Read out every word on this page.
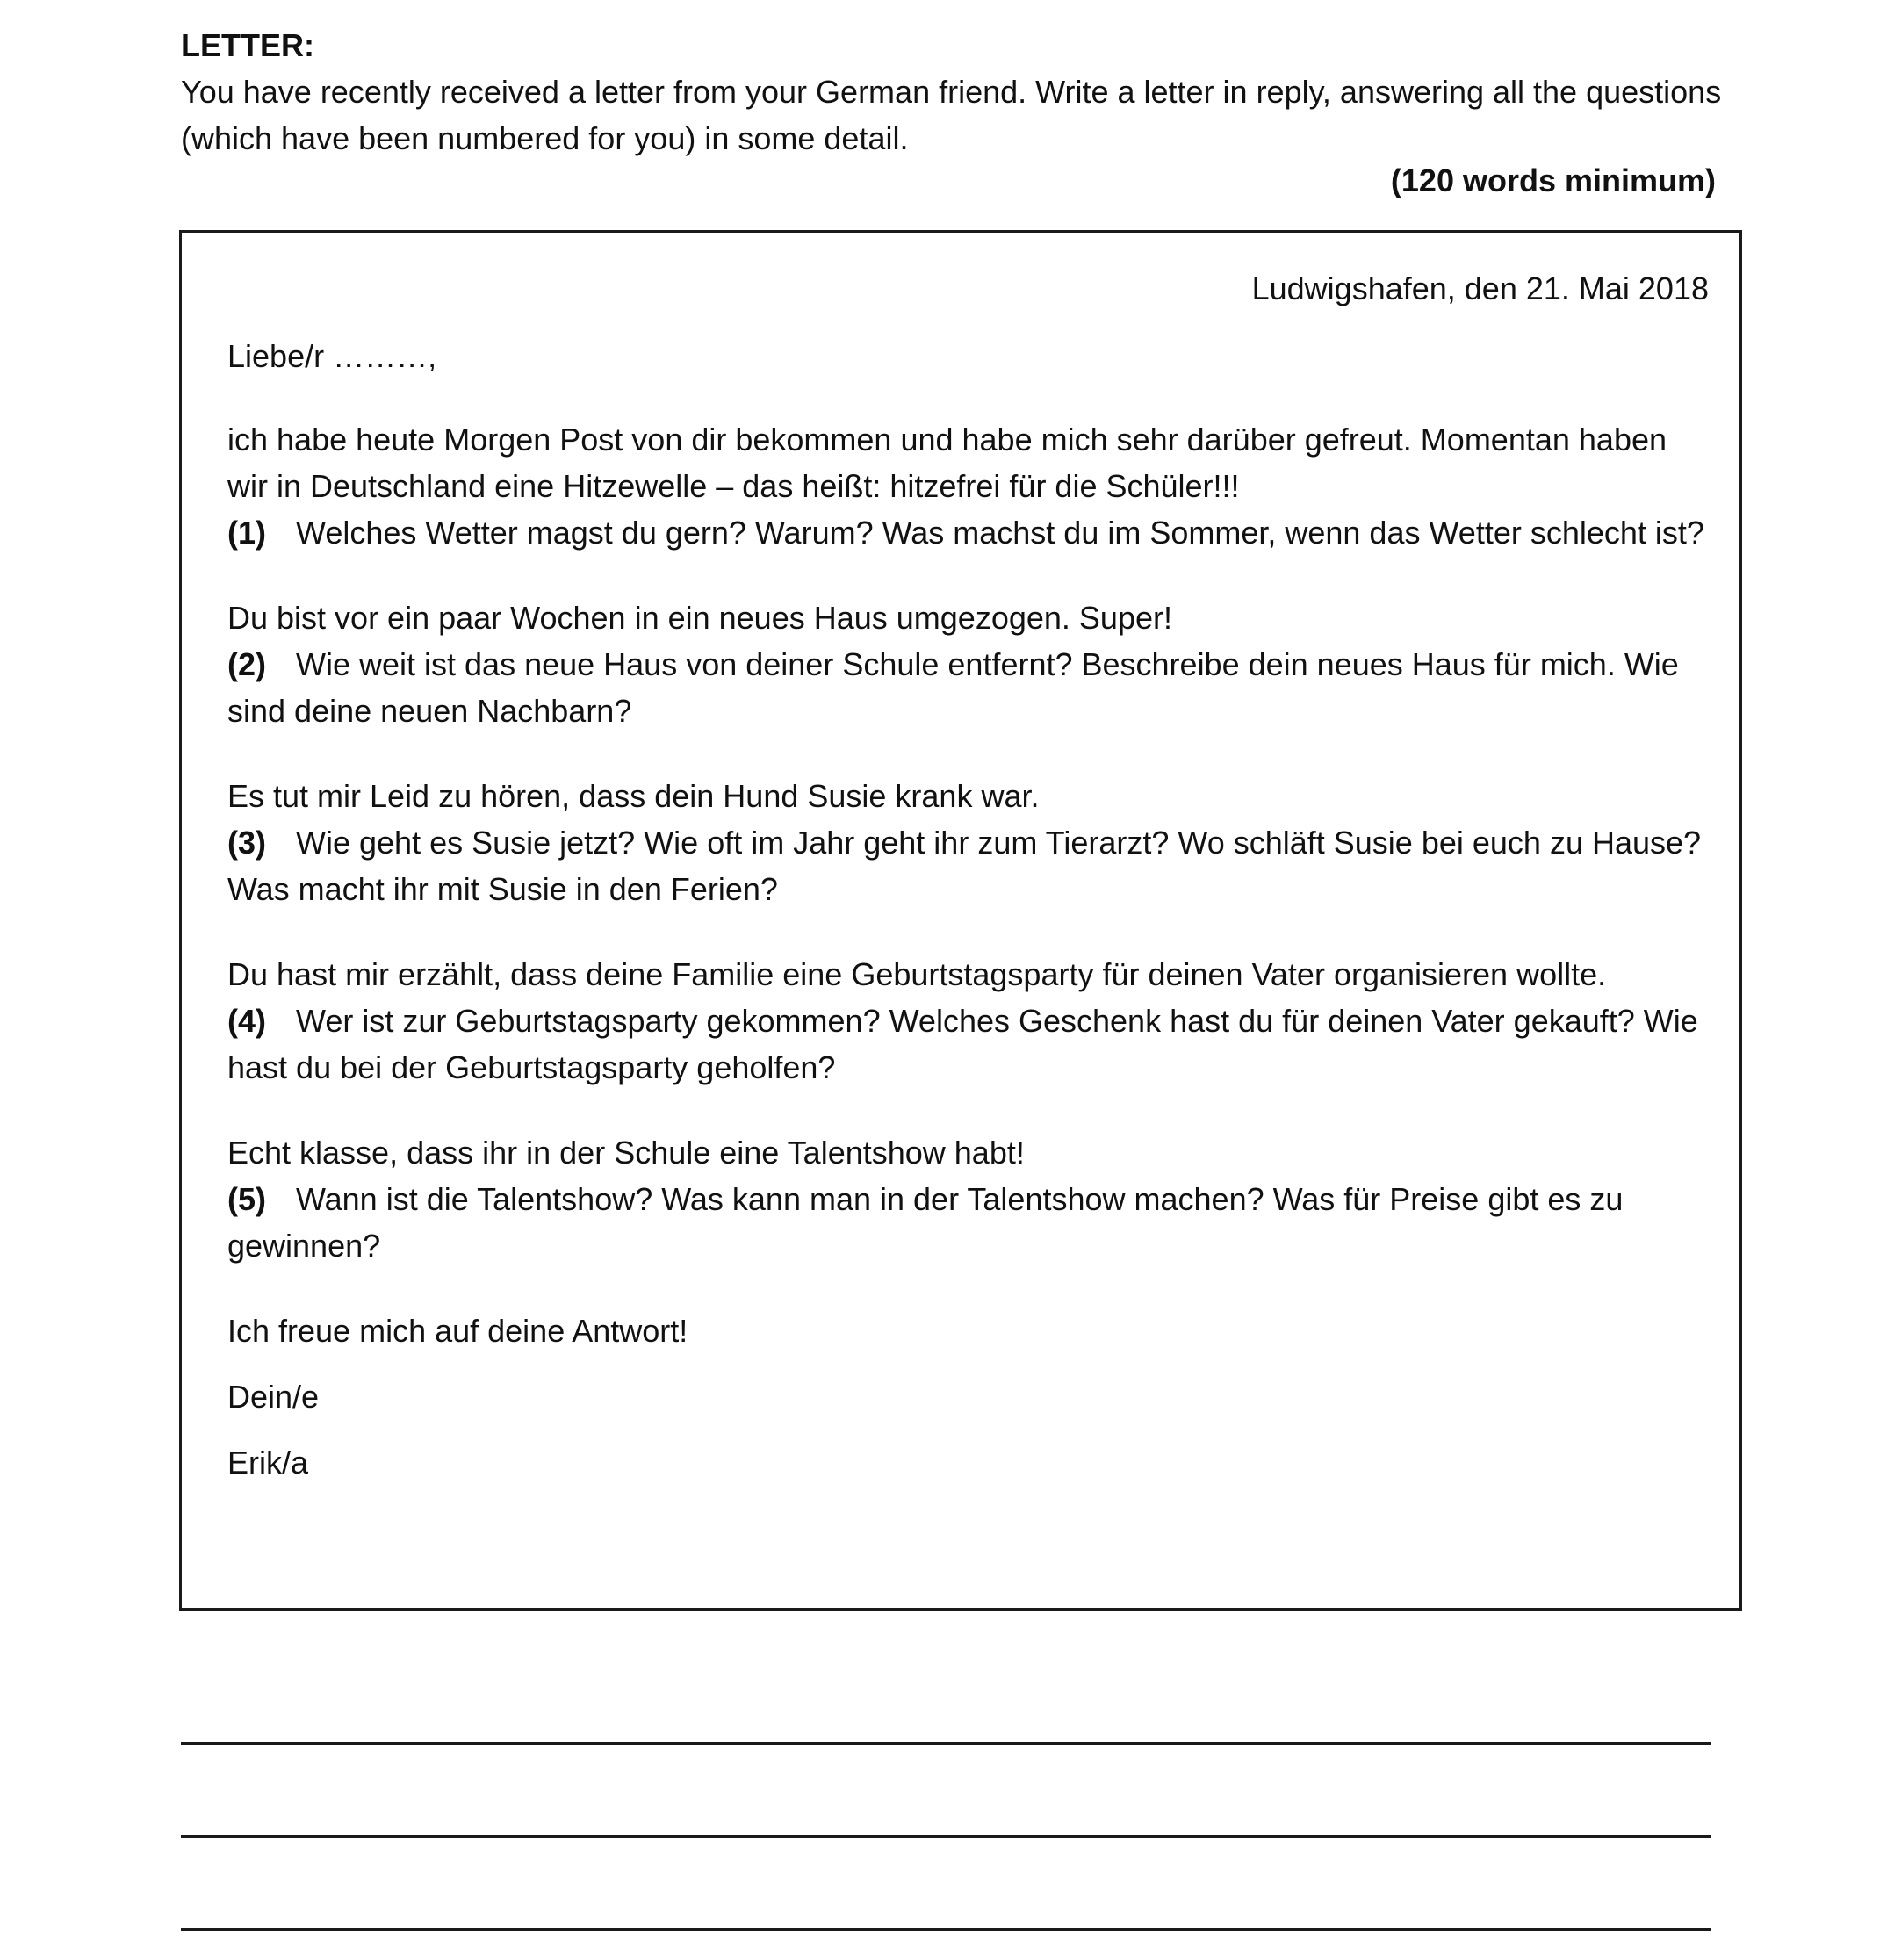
LETTER:
You have recently received a letter from your German friend. Write a letter in reply, answering all the questions (which have been numbered for you) in some detail.
(120 words minimum)
Ludwigshafen, den 21. Mai 2018

Liebe/r ………,

ich habe heute Morgen Post von dir bekommen und habe mich sehr darüber gefreut. Momentan haben wir in Deutschland eine Hitzewelle – das heißt: hitzefrei für die Schüler!!!

(1) Welches Wetter magst du gern? Warum? Was machst du im Sommer, wenn das Wetter schlecht ist?

Du bist vor ein paar Wochen in ein neues Haus umgezogen. Super!

(2) Wie weit ist das neue Haus von deiner Schule entfernt? Beschreibe dein neues Haus für mich. Wie sind deine neuen Nachbarn?

Es tut mir Leid zu hören, dass dein Hund Susie krank war.

(3) Wie geht es Susie jetzt? Wie oft im Jahr geht ihr zum Tierarzt? Wo schläft Susie bei euch zu Hause? Was macht ihr mit Susie in den Ferien?

Du hast mir erzählt, dass deine Familie eine Geburtstagsparty für deinen Vater organisieren wollte.

(4) Wer ist zur Geburtstagsparty gekommen? Welches Geschenk hast du für deinen Vater gekauft? Wie hast du bei der Geburtstagsparty geholfen?

Echt klasse, dass ihr in der Schule eine Talentshow habt!

(5) Wann ist die Talentshow? Was kann man in der Talentshow machen? Was für Preise gibt es zu gewinnen?

Ich freue mich auf deine Antwort!

Dein/e

Erik/a
